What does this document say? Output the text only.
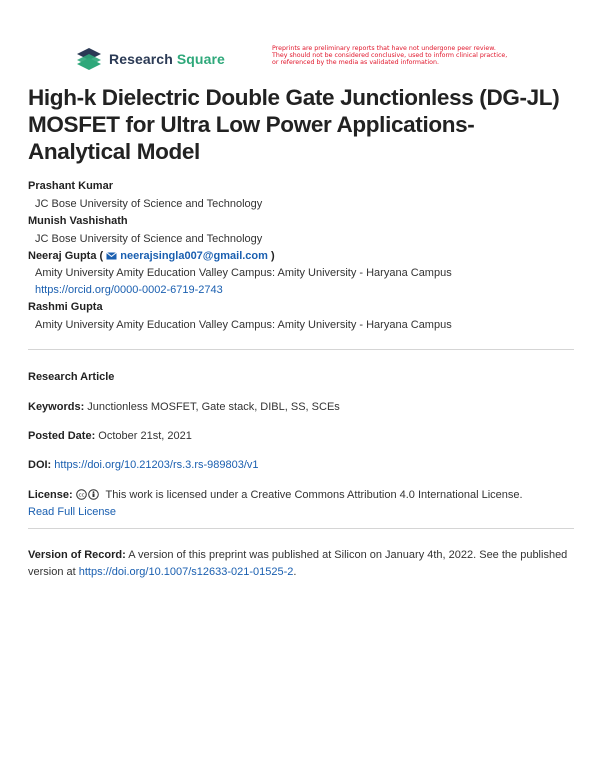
Research Square
Preprints are preliminary reports that have not undergone peer review.
They should not be considered conclusive, used to inform clinical practice,
or referenced by the media as validated information.
High-k Dielectric Double Gate Junctionless (DG-JL) MOSFET for Ultra Low Power Applications- Analytical Model
Prashant Kumar
JC Bose University of Science and Technology
Munish Vashishath
JC Bose University of Science and Technology
Neeraj Gupta ( neerajsingla007@gmail.com )
Amity University Amity Education Valley Campus: Amity University - Haryana Campus
https://orcid.org/0000-0002-6719-2743
Rashmi Gupta
Amity University Amity Education Valley Campus: Amity University - Haryana Campus
Research Article
Keywords: Junctionless MOSFET, Gate stack, DIBL, SS, SCEs
Posted Date: October 21st, 2021
DOI: https://doi.org/10.21203/rs.3.rs-989803/v1
License: cc This work is licensed under a Creative Commons Attribution 4.0 International License.
Read Full License
Version of Record: A version of this preprint was published at Silicon on January 4th, 2022. See the published version at https://doi.org/10.1007/s12633-021-01525-2.
